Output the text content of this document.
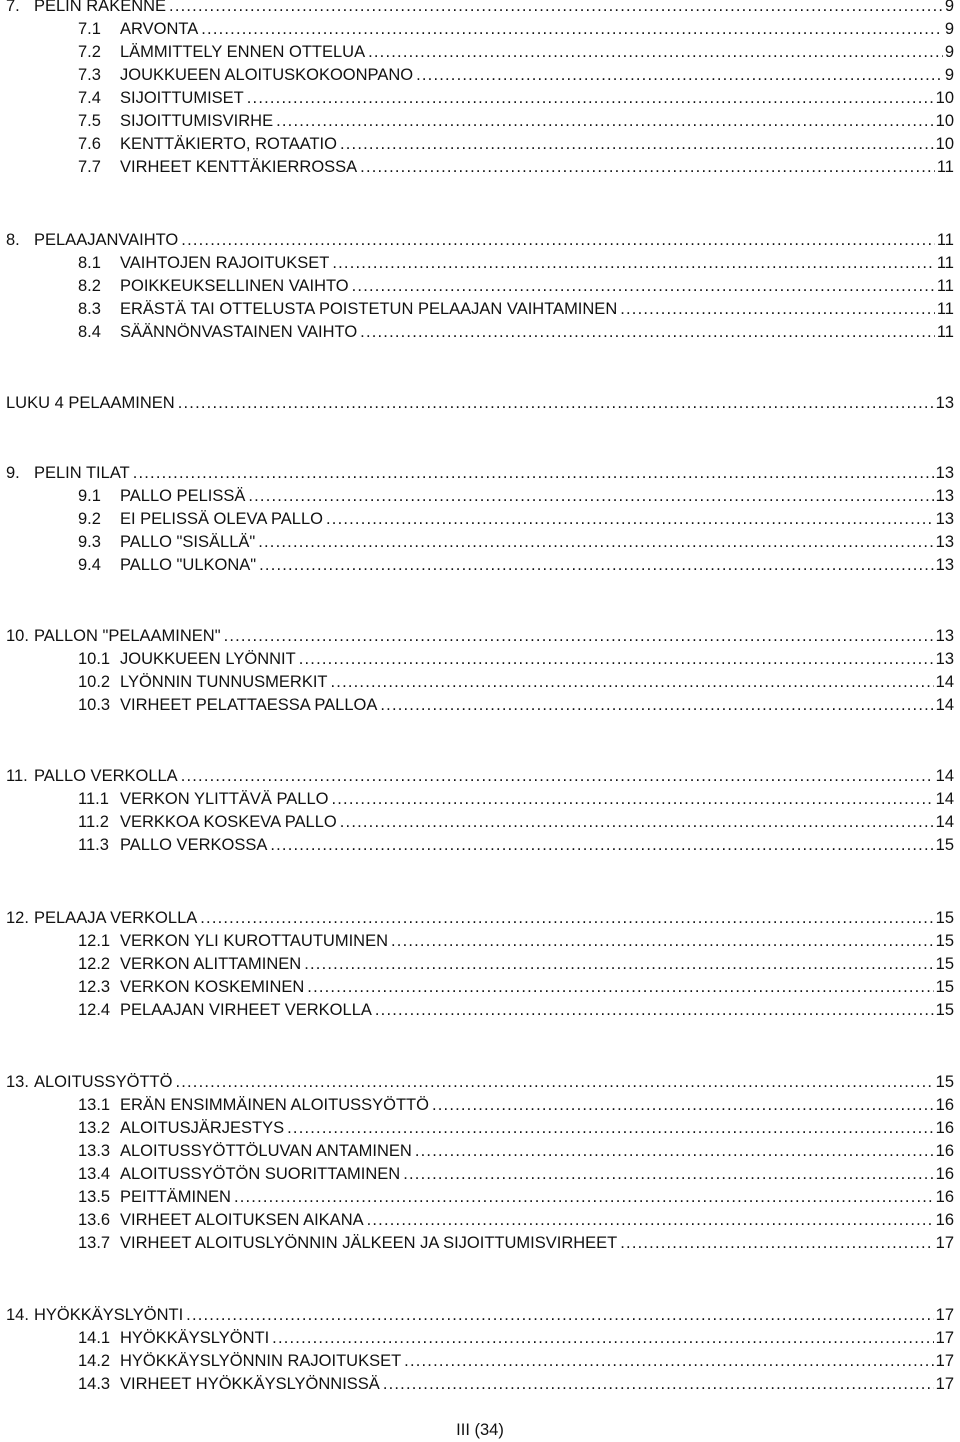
7. PELIN RAKENNE .....	9
7.1	ARVONTA .....	9
7.2	LÄMMITTELY ENNEN OTTELUA .....	9
7.3	JOUKKUEEN ALOITUSKOKOONPANO .....	9
7.4	SIJOITTUMISET .....	10
7.5	SIJOITTUMISVIRHE .....	10
7.6	KENTTÄKIERTO, ROTAATIO .....	10
7.7	VIRHEET KENTTÄKIERROSSA .....	11
8. PELAAJANVAIHTO .....	11
8.1	VAIHTOJEN RAJOITUKSET .....	11
8.2	POIKKEUKSELLINEN VAIHTO .....	11
8.3	ERÄSTÄ TAI OTTELUSTA POISTETUN PELAAJAN VAIHTAMINEN .....	11
8.4	SÄÄNNÖNVASTAINEN VAIHTO .....	11
LUKU 4 PELAAMINEN .....	13
9. PELIN TILAT .....	13
9.1	PALLO PELISSÄ .....	13
9.2	EI PELISSÄ OLEVA PALLO .....	13
9.3	PALLO "SISÄLLÄ" .....	13
9.4	PALLO "ULKONA" .....	13
10. PALLON "PELAAMINEN" .....	13
10.1 JOUKKUEEN LYÖNNIT .....	13
10.2 LYÖNNIN TUNNUSMERKIT .....	14
10.3 VIRHEET PELATTAESSA PALLOA .....	14
11. PALLO VERKOLLA .....	14
11.1 VERKON YLITTÄVÄ PALLO .....	14
11.2 VERKKOA KOSKEVA PALLO .....	14
11.3 PALLO VERKOSSA .....	15
12. PELAAJA VERKOLLA .....	15
12.1 VERKON YLI KUROTTAUTUMINEN .....	15
12.2 VERKON ALITTAMINEN .....	15
12.3 VERKON KOSKEMINEN .....	15
12.4 PELAAJAN VIRHEET VERKOLLA .....	15
13. ALOITUSSYÖTTÖ .....	15
13.1 ERÄN ENSIMMÄINEN ALOITUSSYÖTTÖ .....	16
13.2 ALOITUSJÄRJESTYS .....	16
13.3 ALOITUSSYÖTTÖLUVAN ANTAMINEN .....	16
13.4 ALOITUSSYÖTÖN SUORITTAMINEN .....	16
13.5 PEITTÄMINEN .....	16
13.6 VIRHEET ALOITUKSEN AIKANA .....	16
13.7 VIRHEET ALOITUSLYÖNNIN JÄLKEEN JA SIJOITTUMISVIRHEET .....	17
14. HYÖKKÄYSLYÖNTI .....	17
14.1 HYÖKKÄYSLYÖNTI .....	17
14.2 HYÖKKÄYSLYÖNNIN RAJOITUKSET .....	17
14.3 VIRHEET HYÖKKÄYSLYÖNNISSÄ .....	17
III (34)
